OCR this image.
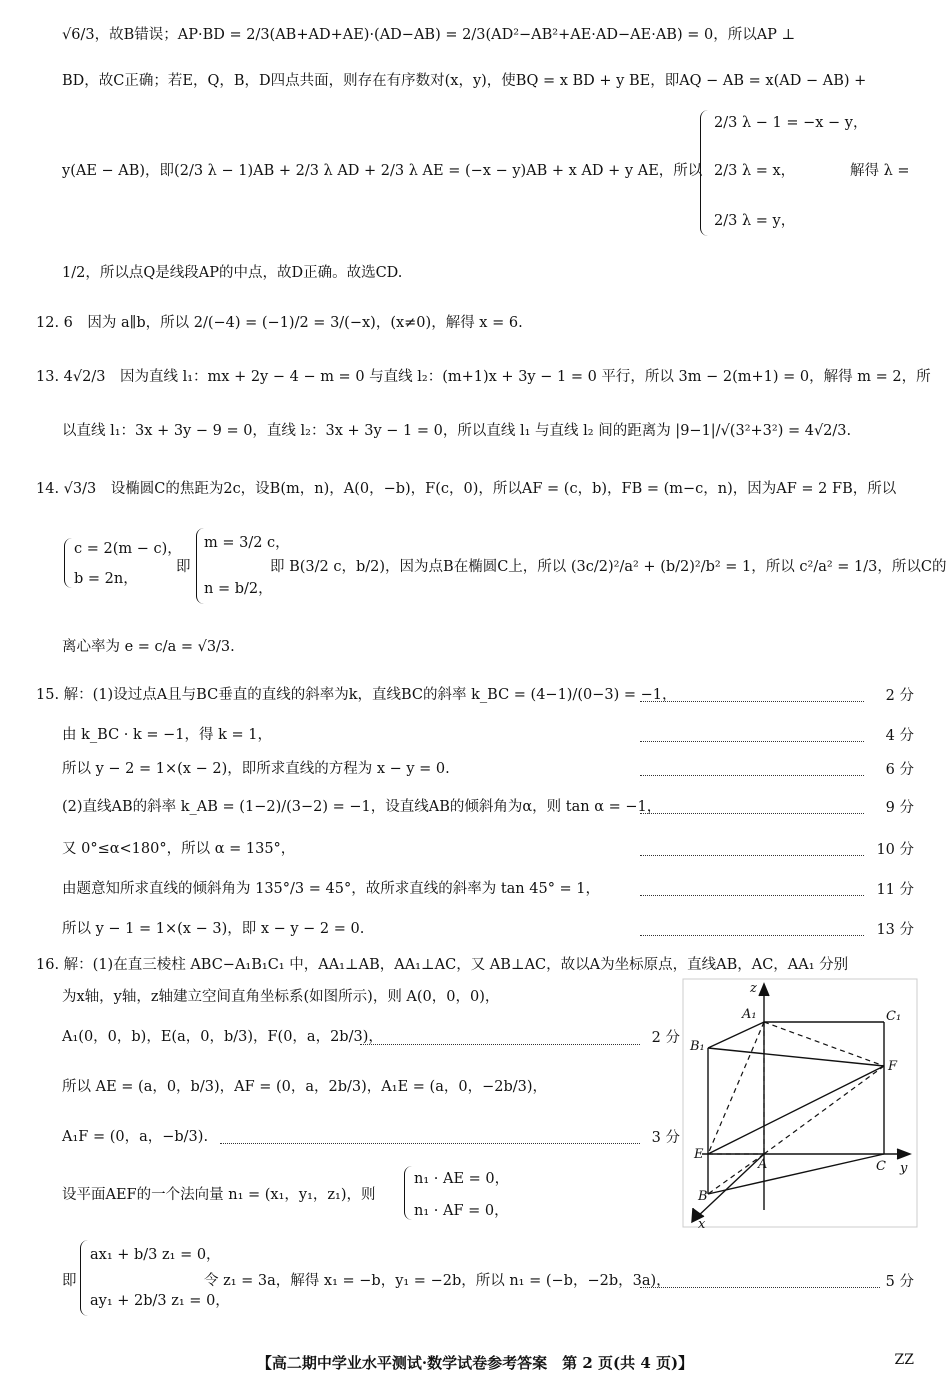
√6/3，故B错误；AP·BD = 2/3(AB+AD+AE)·(AD−AB) = 2/3(AD²−AB²+AE·AD−AE·AB) = 0，所以AP ⊥
BD，故C正确；若E，Q，B，D四点共面，则存在有序数对(x，y)，使BQ = x BD + y BE，即AQ − AB = x(AD − AB) +
2/3 λ − 1 = −x − y，
y(AE − AB)，即(2/3 λ − 1)AB + 2/3 λ AD + 2/3 λ AE = (−x − y)AB + x AD + y AE，所以 2/3 λ = x，	解得 λ =
2/3 λ = y，
1/2，所以点Q是线段AP的中点，故D正确。故选CD.
12. 6　因为 a∥b，所以 2/(−4) = (−1)/2 = 3/(−x)，(x≠0)，解得 x = 6.
13. 4√2/3　因为直线 l₁：mx + 2y − 4 − m = 0 与直线 l₂：(m+1)x + 3y − 1 = 0 平行，所以 3m − 2(m+1) = 0，解得 m = 2，所
以直线 l₁：3x + 3y − 9 = 0，直线 l₂：3x + 3y − 1 = 0，所以直线 l₁ 与直线 l₂ 间的距离为 |9−1|/√(3²+3²) = 4√2/3.
14. √3/3　设椭圆C的焦距为2c，设B(m，n)，A(0，−b)，F(c，0)，所以AF = (c，b)，FB = (m−c，n)，因为AF = 2 FB，所以
c = 2(m − c)，
b = 2n，
即
m = 3/2 c，
n = b/2，
即 B(3/2 c，b/2)，因为点B在椭圆C上，所以 (3c/2)²/a² + (b/2)²/b² = 1，所以 c²/a² = 1/3，所以C的
离心率为 e = c/a = √3/3.
15. 解：(1)设过点A且与BC垂直的直线的斜率为k，直线BC的斜率 k_BC = (4−1)/(0−3) = −1，	2 分
由 k_BC · k = −1，得 k = 1，	4 分
所以 y − 2 = 1×(x − 2)，即所求直线的方程为 x − y = 0.	6 分
(2)直线AB的斜率 k_AB = (1−2)/(3−2) = −1，设直线AB的倾斜角为α，则 tan α = −1，	9 分
又 0°≤α<180°，所以 α = 135°，	10 分
由题意知所求直线的倾斜角为 135°/3 = 45°，故所求直线的斜率为 tan 45° = 1，	11 分
所以 y − 1 = 1×(x − 3)，即 x − y − 2 = 0.	13 分
16. 解：(1)在直三棱柱 ABC−A₁B₁C₁ 中，AA₁⊥AB，AA₁⊥AC，又 AB⊥AC，故以A为坐标原点，直线AB，AC，AA₁ 分别
为x轴，y轴，z轴建立空间直角坐标系(如图所示)，则 A(0，0，0)，
A₁(0，0，b)，E(a，0，b/3)，F(0，a，2b/3)，	2 分
所以 AE = (a，0，b/3)，AF = (0，a，2b/3)，A₁E = (a，0，−2b/3)，
A₁F = (0，a，−b/3).	3 分
设平面AEF的一个法向量 n₁ = (x₁，y₁，z₁)，则
n₁ · AE = 0，
n₁ · AF = 0，
即
ax₁ + b/3 z₁ = 0，
ay₁ + 2b/3 z₁ = 0，
令 z₁ = 3a，解得 x₁ = −b，y₁ = −2b，所以 n₁ = (−b，−2b，3a)，	5 分
z
y
x
A₁	C₁
B₁
F
E
A	C
B
【高二期中学业水平测试·数学试卷参考答案　第 2 页(共 4 页)】	ZZ
